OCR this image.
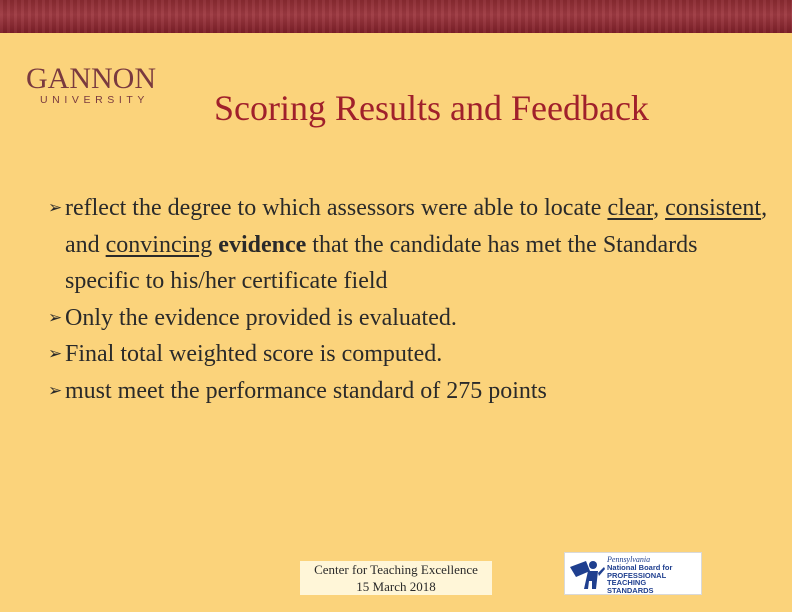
GANNON
UNIVERSITY	Scoring Results and Feedback
➢ reflect the degree to which assessors were able to locate clear, consistent, and convincing evidence that the candidate has met the Standards specific to his/her certificate field
➢ Only the evidence provided is evaluated.
➢ Final total weighted score is computed.
➢ must meet the performance standard of 275 points
Center for Teaching Excellence
15 March 2018
Pennsylvania
National Board for
PROFESSIONAL
TEACHING
STANDARDS
